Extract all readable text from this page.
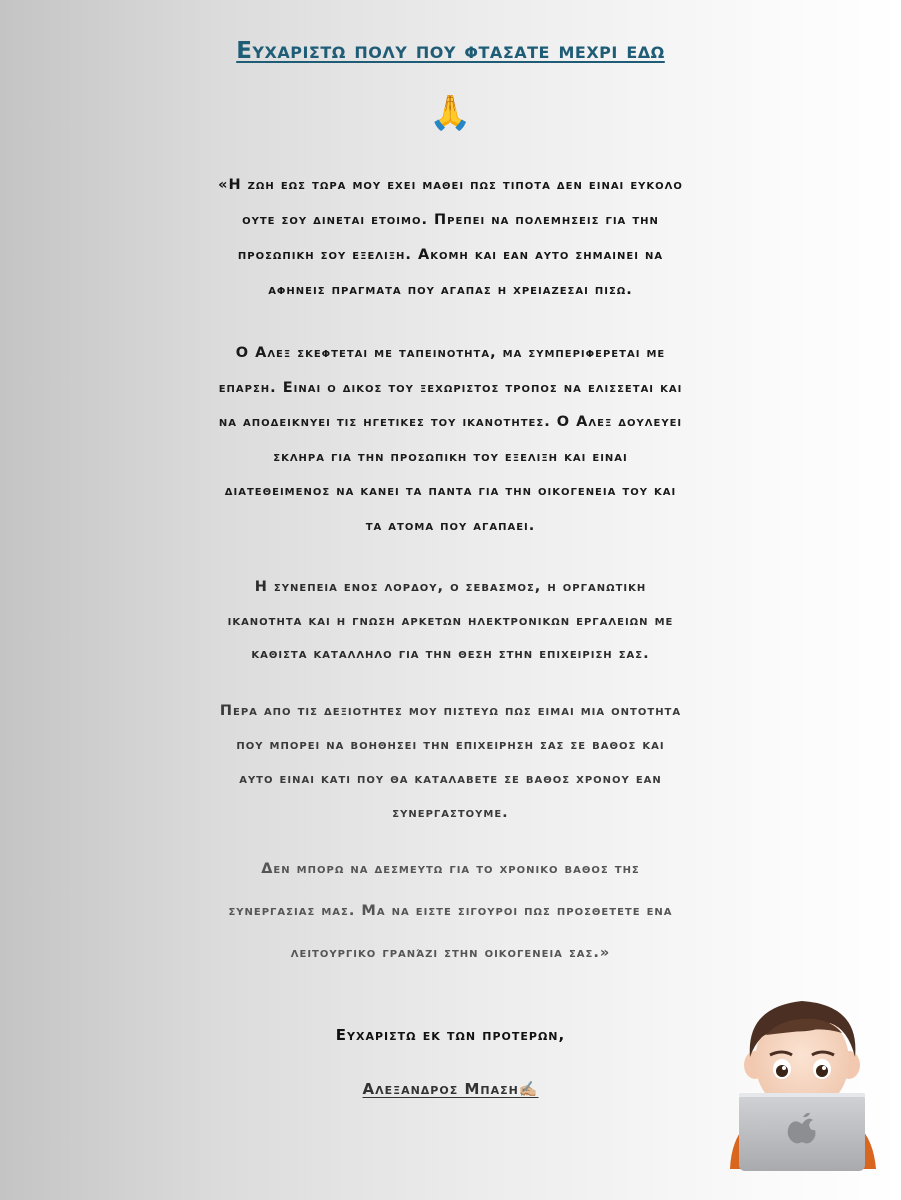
Ευχαριστω πολυ που φτασατε μεχρι εδω
🙏
«Η ζωη εως τωρα μου εχει μαθει πως τιποτα δεν ειναι ευκολο
ουτε σου δινεται ετοιμο. Πρεπει να πολεμησεις για την
προσωπικη σου εξελιξη. Ακομη και εαν αυτο σημαινει να
αφηνεις πραγματα που αγαπας η χρειαζεσαι πισω.
Ο Αλεξ σκεφτεται με ταπεινοτητα, μα συμπεριφερεται με
επαρση. Ειναι ο δικος του ξεχωριστος τροπος να ελισσεται και
να αποδεικνυει τις ηγετικες του ικανοτητες. Ο Αλεξ δουλευει
σκληρα για την προσωπικη του εξελιξη και ειναι
διατεθειμενος να κανει τα παντα για την οικογενεια του και
τα ατομα που αγαπαει.
Η συνεπεια ενος λορδου, ο σεβασμος, η οργανωτικη
ικανοτητα και η γνωση αρκετων ηλεκτρονικων εργαλειων με
καθιστα καταλληλο για την θεση στην επιχειριση σας.
Περα απο τις δεξιοτητες μου πιστευω πως ειμαι μια οντοτητα
που μπορει να βοηθησει την επιχειρηση σας σε βαθος και
αυτο ειναι κατι που θα καταλαβετε σε βαθος χρονου εαν
συνεργαστουμε.
Δεν μπορω να δεσμευτω για το χρονικο βαθος της
συνεργασιας μας. Μα να ειστε σιγουροι πως προσθετετε ενα
λειτουργικο γρανάζι στην οικογενεια σας.»
Ευχαριστω εκ των προτερων,
Αλεξανδρος Μπαση✍🏼
